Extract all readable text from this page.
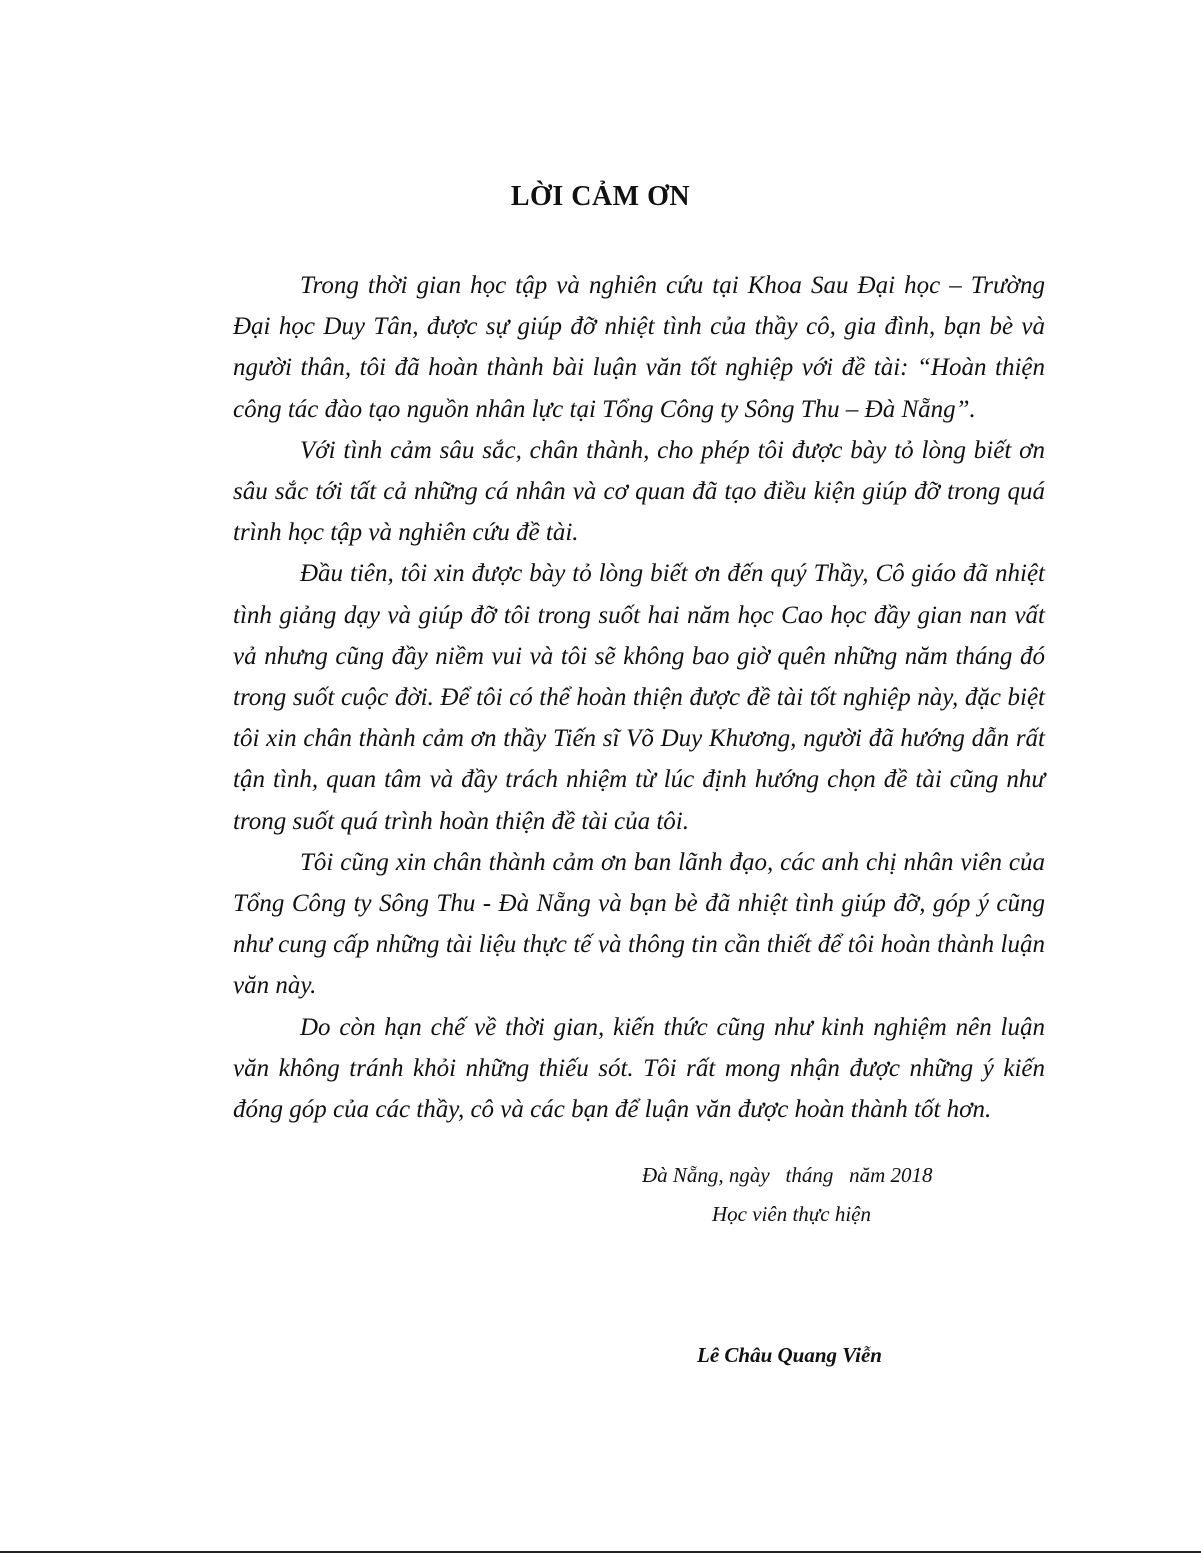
LỜI CẢM ƠN

Trong thời gian học tập và nghiên cứu tại Khoa Sau Đại học – Trường Đại học Duy Tân, được sự giúp đỡ nhiệt tình của thầy cô, gia đình, bạn bè và người thân, tôi đã hoàn thành bài luận văn tốt nghiệp với đề tài: “Hoàn thiện công tác đào tạo nguồn nhân lực tại Tổng Công ty Sông Thu – Đà Nẵng”.

Với tình cảm sâu sắc, chân thành, cho phép tôi được bày tỏ lòng biết ơn sâu sắc tới tất cả những cá nhân và cơ quan đã tạo điều kiện giúp đỡ trong quá trình học tập và nghiên cứu đề tài.

Đầu tiên, tôi xin được bày tỏ lòng biết ơn đến quý Thầy, Cô giáo đã nhiệt tình giảng dạy và giúp đỡ tôi trong suốt hai năm học Cao học đầy gian nan vất vả nhưng cũng đầy niềm vui và tôi sẽ không bao giờ quên những năm tháng đó trong suốt cuộc đời. Để tôi có thể hoàn thiện được đề tài tốt nghiệp này, đặc biệt tôi xin chân thành cảm ơn thầy Tiến sĩ Võ Duy Khương, người đã hướng dẫn rất tận tình, quan tâm và đầy trách nhiệm từ lúc định hướng chọn đề tài cũng như trong suốt quá trình hoàn thiện đề tài của tôi.

Tôi cũng xin chân thành cảm ơn ban lãnh đạo, các anh chị nhân viên của Tổng Công ty Sông Thu - Đà Nẵng và bạn bè đã nhiệt tình giúp đỡ, góp ý cũng như cung cấp những tài liệu thực tế và thông tin cần thiết để tôi hoàn thành luận văn này.

Do còn hạn chế về thời gian, kiến thức cũng như kinh nghiệm nên luận văn không tránh khỏi những thiếu sót. Tôi rất mong nhận được những ý kiến đóng góp của các thầy, cô và các bạn để luận văn được hoàn thành tốt hơn.

Đà Nẵng, ngày   tháng   năm 2018
Học viên thực hiện
Lê Châu Quang Viễn
